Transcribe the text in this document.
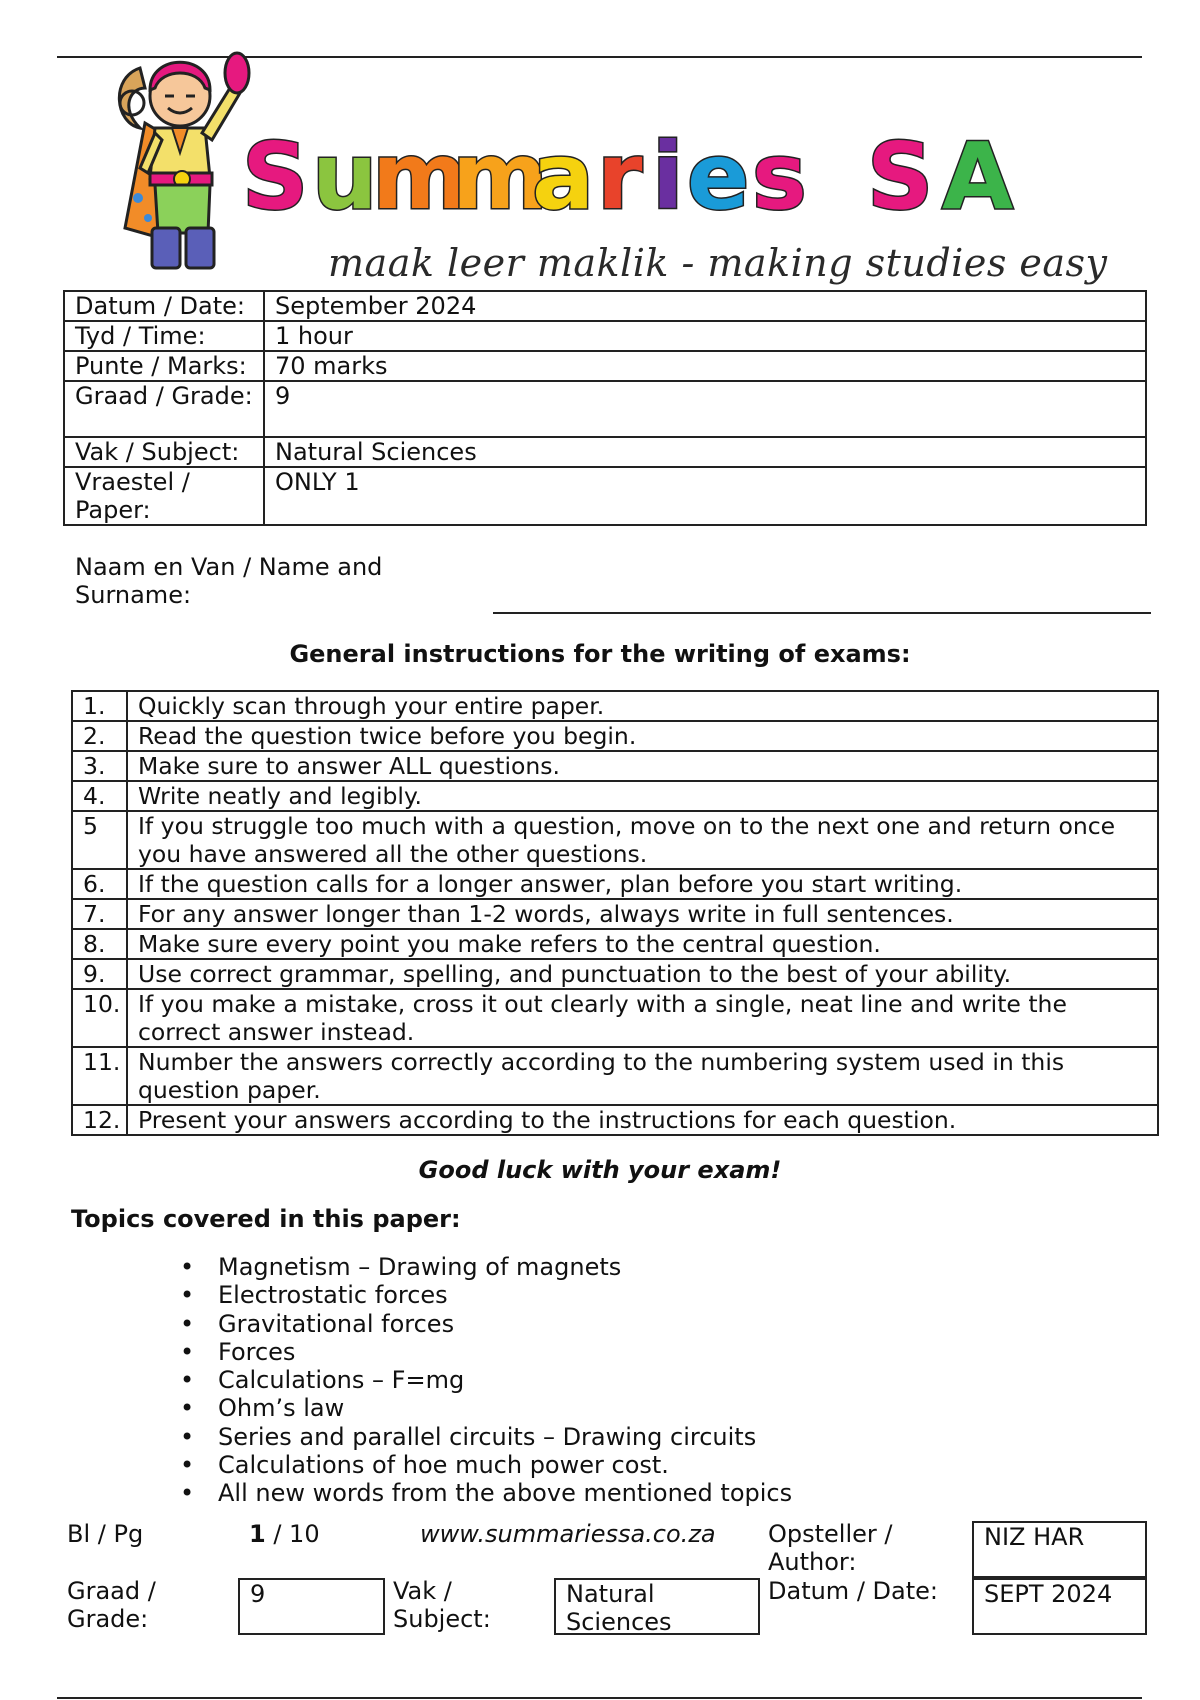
S u
m
m
a r i e s S A
maak leer maklik - making studies easy
Datum / Date:	September 2024
Tyd / Time:	1 hour
Punte / Marks:	70 marks
Graad / Grade:	9
Vak / Subject:	Natural Sciences
Vraestel / Paper:	ONLY 1
Naam en Van / Name and Surname:
General instructions for the writing of exams:
1.	Quickly scan through your entire paper.
2.	Read the question twice before you begin.
3.	Make sure to answer ALL questions.
4.	Write neatly and legibly.
5	If you struggle too much with a question, move on to the next one and return once you have answered all the other questions.
6.	If the question calls for a longer answer, plan before you start writing.
7.	For any answer longer than 1-2 words, always write in full sentences.
8.	Make sure every point you make refers to the central question.
9.	Use correct grammar, spelling, and punctuation to the best of your ability.
10.	If you make a mistake, cross it out clearly with a single, neat line and write the correct answer instead.
11.	Number the answers correctly according to the numbering system used in this question paper.
12.	Present your answers according to the instructions for each question.
Good luck with your exam!
Topics covered in this paper:
• Magnetism – Drawing of magnets
• Electrostatic forces
• Gravitational forces
• Forces
• Calculations – F=mg
• Ohm’s law
• Series and parallel circuits – Drawing circuits
• Calculations of hoe much power cost.
• All new words from the above mentioned topics
Bl / Pg	1 / 10	www.summariessa.co.za Opsteller / Author:
NIZ HAR
Graad / Grade:
9	Vak / Subject:
Natural Sciences
Datum / Date:	SEPT 2024
